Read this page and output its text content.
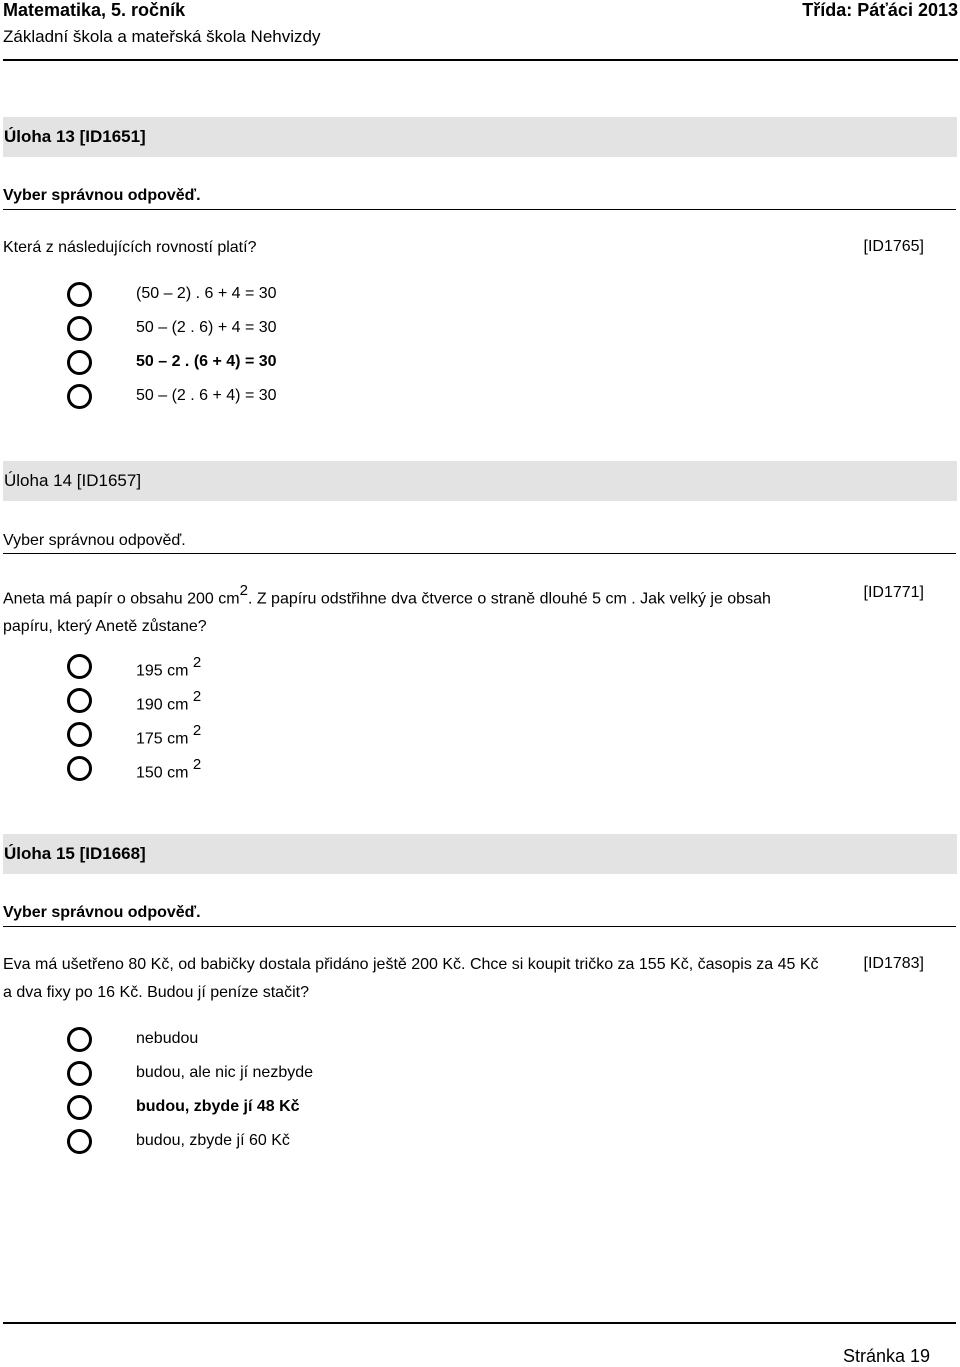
Matematika, 5. ročník	Třída: Páťáci 2013
Základní škola a mateřská škola Nehvizdy
Úloha 13 [ID1651]
Vyber správnou odpověď.
Která z následujících rovností platí?	[ID1765]
(50 – 2) . 6 + 4 = 30
50 – (2 . 6) + 4 = 30
50 – 2 . (6 + 4) = 30
50 – (2 . 6 + 4) = 30
Úloha 14 [ID1657]
Vyber správnou odpověď.
Aneta má papír o obsahu 200 $cm^2$. Z papíru odstřihne dva čtverce o straně dlouhé 5 cm . Jak velký je obsah papíru, který Anetě zůstane?
[ID1771]
195 cm $^2$
190 cm $^2$
175 cm $^2$
150 cm $^2$
Úloha 15 [ID1668]
Vyber správnou odpověď.
Eva má ušetřeno 80 Kč, od babičky dostala přidáno ještě 200 Kč. Chce si koupit tričko za 155 Kč, časopis za 45 Kč a dva fixy po 16 Kč. Budou jí peníze stačit?
[ID1783]
nebudou
budou, ale nic jí nezbyde
budou, zbyde jí 48 Kč
budou, zbyde jí 60 Kč
Stránka 19
